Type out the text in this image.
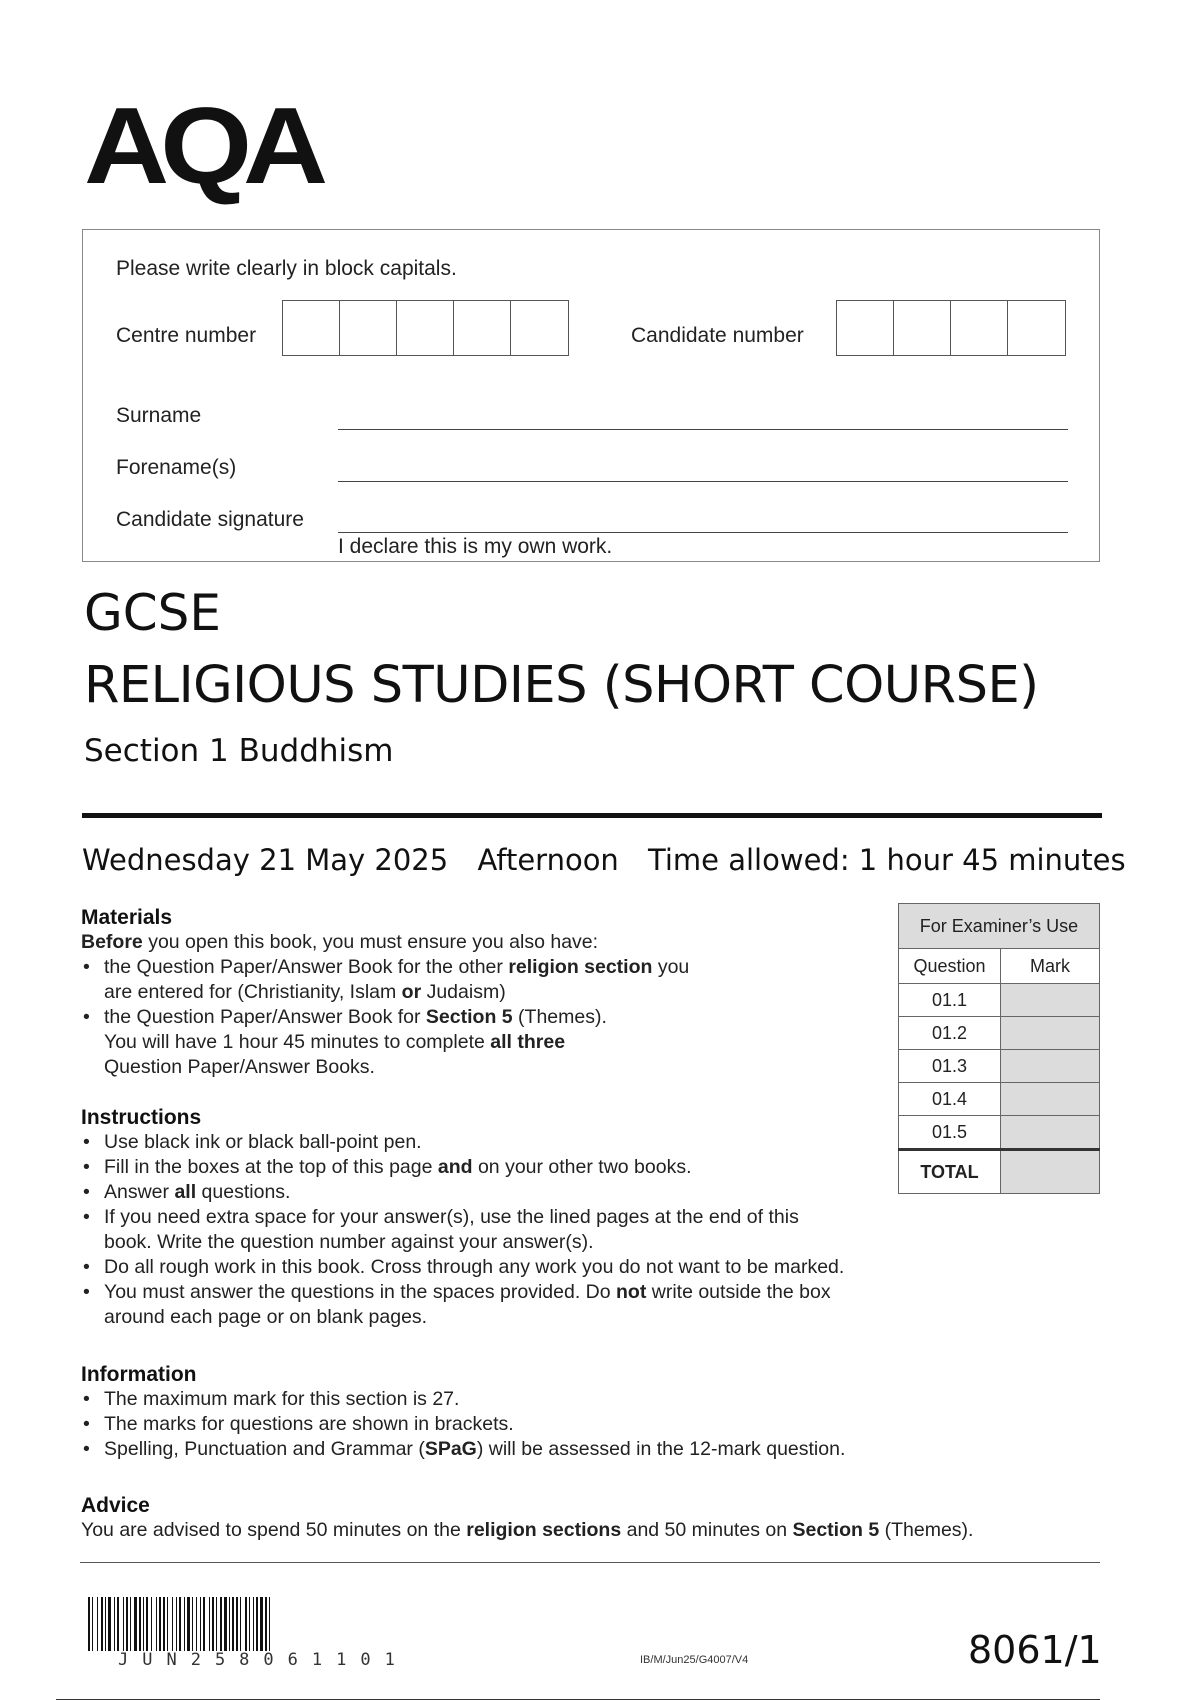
AQA
Please write clearly in block capitals.
Centre number	Candidate number
Surname
Forename(s)
Candidate signature
I declare this is my own work.
GCSE
RELIGIOUS STUDIES (SHORT COURSE)
Section 1 Buddhism
Wednesday 21 May 2025 Afternoon Time allowed: 1 hour 45 minutes
Materials
Before you open this book, you must ensure you also have:
• the Question Paper/Answer Book for the other religion section you
are entered for (Christianity, Islam or Judaism)
• the Question Paper/Answer Book for Section 5 (Themes).
You will have 1 hour 45 minutes to complete all three
Question Paper/Answer Books.
Instructions
• Use black ink or black ball-point pen.
• Fill in the boxes at the top of this page and on your other two books.
• Answer all questions.
• If you need extra space for your answer(s), use the lined pages at the end of this book. Write the question number against your answer(s).
• Do all rough work in this book. Cross through any work you do not want to be marked.
• You must answer the questions in the spaces provided. Do not write outside the box around each page or on blank pages.
Information
• The maximum mark for this section is 27.
• The marks for questions are shown in brackets.
• Spelling, Punctuation and Grammar (SPaG) will be assessed in the 12-mark question.
Advice
You are advised to spend 50 minutes on the religion sections and 50 minutes on Section 5 (Themes).
For Examiner’s Use	
Question	Mark
01.1	
01.2	
01.3	
01.4	
01.5	
TOTAL	
JUN258061101	IB/M/Jun25/G4007/V4	8061/1
